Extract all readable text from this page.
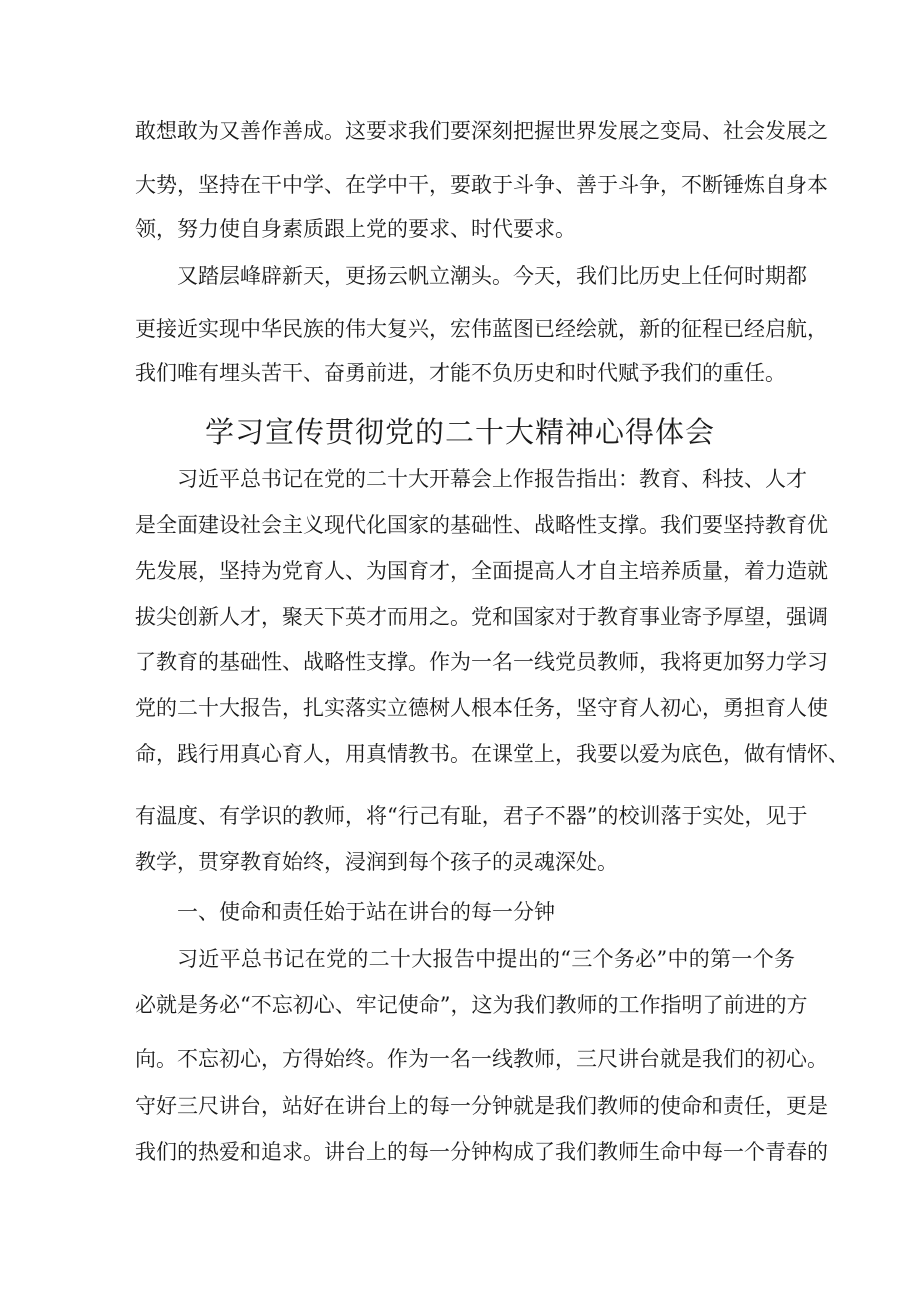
敢想敢为又善作善成。这要求我们要深刻把握世界发展之变局、社会发展之
大势，坚持在干中学、在学中干，要敢于斗争、善于斗争，不断锤炼自身本
领，努力使自身素质跟上党的要求、时代要求。
又踏层峰辟新天，更扬云帆立潮头。今天，我们比历史上任何时期都
更接近实现中华民族的伟大复兴，宏伟蓝图已经绘就，新的征程已经启航，
我们唯有埋头苦干、奋勇前进，才能不负历史和时代赋予我们的重任。
学习宣传贯彻党的二十大精神心得体会
习近平总书记在党的二十大开幕会上作报告指出：教育、科技、人才
是全面建设社会主义现代化国家的基础性、战略性支撑。我们要坚持教育优
先发展，坚持为党育人、为国育才，全面提高人才自主培养质量，着力造就
拔尖创新人才，聚天下英才而用之。党和国家对于教育事业寄予厚望，强调
了教育的基础性、战略性支撑。作为一名一线党员教师，我将更加努力学习
党的二十大报告，扎实落实立德树人根本任务，坚守育人初心，勇担育人使
命，践行用真心育人，用真情教书。在课堂上，我要以爱为底色，做有情怀、
有温度、有学识的教师，将“行己有耻，君子不器”的校训落于实处，见于
教学，贯穿教育始终，浸润到每个孩子的灵魂深处。
一、使命和责任始于站在讲台的每一分钟
习近平总书记在党的二十大报告中提出的“三个务必”中的第一个务
必就是务必“不忘初心、牢记使命”，这为我们教师的工作指明了前进的方
向。不忘初心，方得始终。作为一名一线教师，三尺讲台就是我们的初心。
守好三尺讲台，站好在讲台上的每一分钟就是我们教师的使命和责任，更是
我们的热爱和追求。讲台上的每一分钟构成了我们教师生命中每一个青春的
